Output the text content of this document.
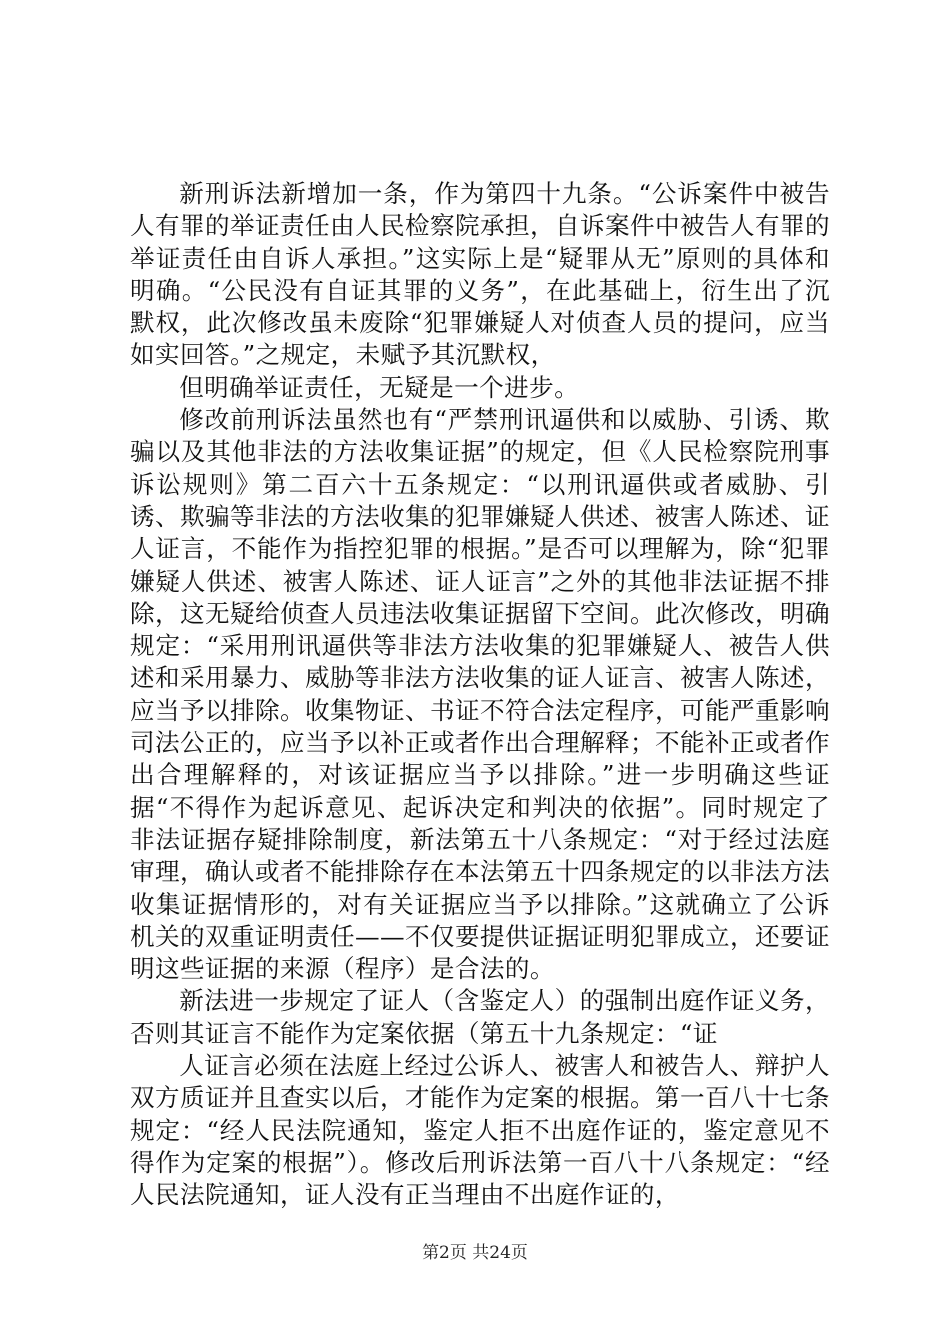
新刑诉法新增加一条，作为第四十九条。“公诉案件中被告人有罪的举证责任由人民检察院承担，自诉案件中被告人有罪的举证责任由自诉人承担。”这实际上是“疑罪从无”原则的具体和明确。“公民没有自证其罪的义务”，在此基础上，衍生出了沉默权，此次修改虽未废除“犯罪嫌疑人对侦查人员的提问，应当如实回答。”之规定，未赋予其沉默权，

但明确举证责任，无疑是一个进步。

修改前刑诉法虽然也有“严禁刑讯逼供和以威胁、引诱、欺骗以及其他非法的方法收集证据”的规定，但《人民检察院刑事诉讼规则》第二百六十五条规定：“以刑讯逼供或者威胁、引诱、欺骗等非法的方法收集的犯罪嫌疑人供述、被害人陈述、证人证言，不能作为指控犯罪的根据。”是否可以理解为，除“犯罪嫌疑人供述、被害人陈述、证人证言”之外的其他非法证据不排除，这无疑给侦查人员违法收集证据留下空间。此次修改，明确规定：“采用刑讯逼供等非法方法收集的犯罪嫌疑人、被告人供述和采用暴力、威胁等非法方法收集的证人证言、被害人陈述，应当予以排除。收集物证、书证不符合法定程序，可能严重影响司法公正的，应当予以补正或者作出合理解释；不能补正或者作出合理解释的，对该证据应当予以排除。”进一步明确这些证据“不得作为起诉意见、起诉决定和判决的依据”。同时规定了非法证据存疑排除制度，新法第五十八条规定：“对于经过法庭审理，确认或者不能排除存在本法第五十四条规定的以非法方法收集证据情形的，对有关证据应当予以排除。”这就确立了公诉机关的双重证明责任——不仅要提供证据证明犯罪成立，还要证明这些证据的来源（程序）是合法的。

新法进一步规定了证人（含鉴定人）的强制出庭作证义务，否则其证言不能作为定案依据（第五十九条规定：“证

人证言必须在法庭上经过公诉人、被害人和被告人、辩护人双方质证并且查实以后，才能作为定案的根据。第一百八十七条规定：“经人民法院通知，鉴定人拒不出庭作证的，鉴定意见不得作为定案的根据”）。修改后刑诉法第一百八十八条规定：“经人民法院通知，证人没有正当理由不出庭作证的，

第2页 共24页
